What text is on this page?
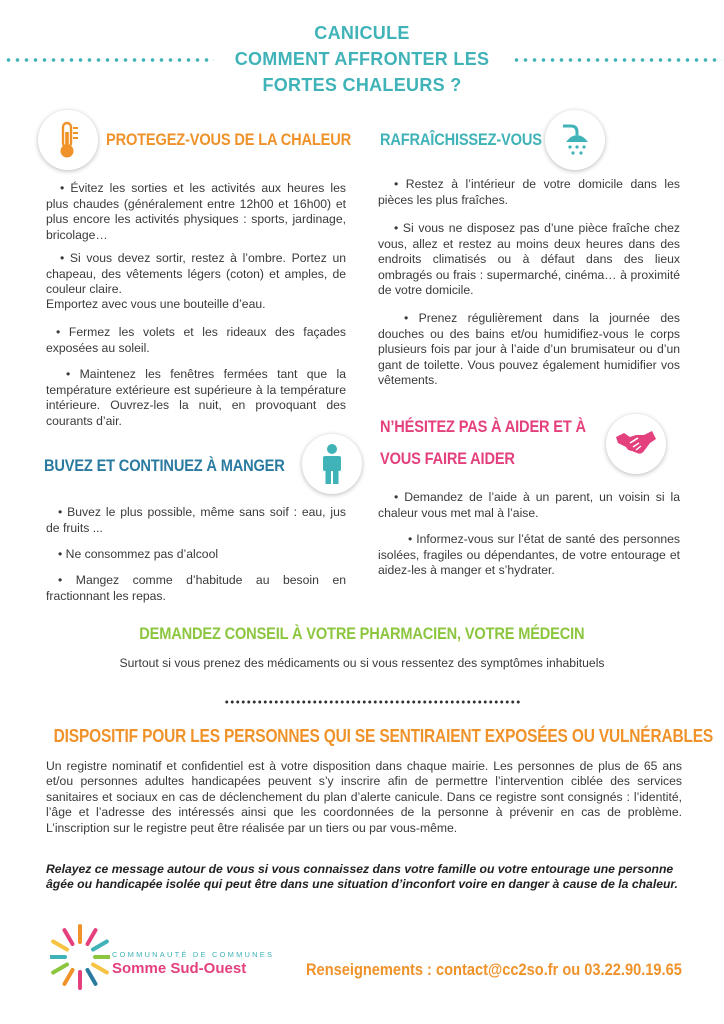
CANICULE
COMMENT AFFRONTER LES
FORTES CHALEURS ?
PROTEGEZ-VOUS DE LA CHALEUR
• Évitez les sorties et les activités aux heures les plus chaudes (généralement entre 12h00 et 16h00) et plus encore les activités physiques : sports, jardinage, bricolage…
• Si vous devez sortir, restez à l’ombre. Portez un chapeau, des vêtements légers (coton) et amples, de couleur claire.
Emportez avec vous une bouteille d’eau.
• Fermez les volets et les rideaux des façades exposées au soleil.
• Maintenez les fenêtres fermées tant que la température extérieure est supérieure à la température intérieure. Ouvrez-les la nuit, en provoquant des courants d’air.
BUVEZ ET CONTINUEZ À MANGER
• Buvez le plus possible, même sans soif : eau, jus de fruits ...
• Ne consommez pas d’alcool
• Mangez comme d’habitude au besoin en fractionnant les repas.
RAFRAÎCHISSEZ-VOUS
• Restez à l’intérieur de votre domicile dans les pièces les plus fraîches.
• Si vous ne disposez pas d’une pièce fraîche chez vous, allez et restez au moins deux heures dans des endroits climatisés ou à défaut dans des lieux ombragés ou frais : supermarché, cinéma… à proximité de votre domicile.
• Prenez régulièrement dans la journée des douches ou des bains et/ou humidifiez-vous le corps plusieurs fois par jour à l’aide d’un brumisateur ou d’un gant de toilette. Vous pouvez également humidifier vos vêtements.
N’HÉSITEZ PAS À AIDER ET À
VOUS FAIRE AIDER
• Demandez de l’aide à un parent, un voisin si la chaleur vous met mal à l’aise.
• Informez-vous sur l’état de santé des personnes isolées, fragiles ou dépendantes, de votre entourage et aidez-les à manger et s’hydrater.
DEMANDEZ CONSEIL À VOTRE PHARMACIEN, VOTRE MÉDECIN
Surtout si vous prenez des médicaments ou si vous ressentez des symptômes inhabituels
DISPOSITIF POUR LES PERSONNES QUI SE SENTIRAIENT EXPOSÉES OU VULNÉRABLES
Un registre nominatif et confidentiel est à votre disposition dans chaque mairie. Les personnes de plus de 65 ans et/ou personnes adultes handicapées peuvent s’y inscrire afin de permettre l’intervention ciblée des services sanitaires et sociaux en cas de déclenchement du plan d’alerte canicule. Dans ce registre sont consignés : l’identité, l’âge et l’adresse des intéressés ainsi que les coordonnées de la personne à prévenir en cas de problème. L’inscription sur le registre peut être réalisée par un tiers ou par vous-même.
Relayez ce message autour de vous si vous connaissez dans votre famille ou votre entourage une personne âgée ou handicapée isolée qui peut être dans une situation d’inconfort voire en danger à cause de la chaleur.
COMMUNAUTÉ DE COMMUNES
Somme Sud-Ouest	Renseignements : contact@cc2so.fr ou 03.22.90.19.65
